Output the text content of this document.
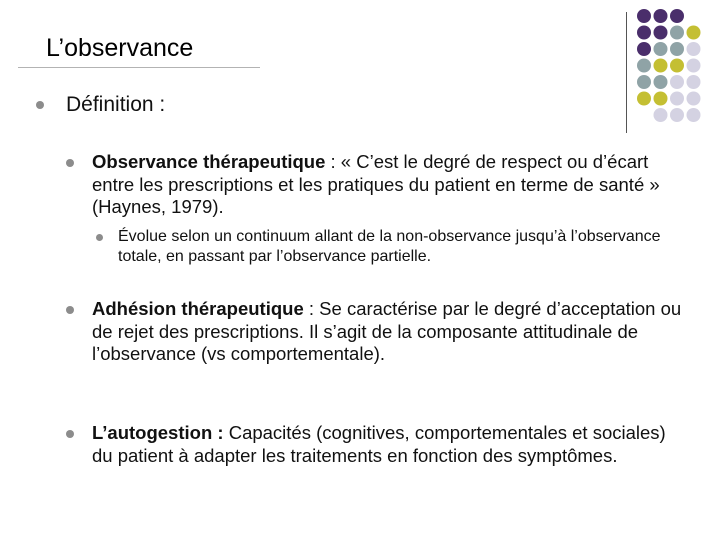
L’observance
Définition :
Observance thérapeutique : « C’est le degré de respect ou d’écart entre les prescriptions et les pratiques du patient en terme de santé » (Haynes, 1979).
Évolue selon un continuum allant de la non-observance jusqu’à l’observance totale, en passant par l’observance partielle.
Adhésion thérapeutique : Se caractérise par le degré d’acceptation ou de rejet des prescriptions. Il s’agit de la composante attitudinale de l’observance (vs comportementale).
L’autogestion : Capacités (cognitives, comportementales et sociales) du patient à adapter les traitements en fonction des symptômes.
